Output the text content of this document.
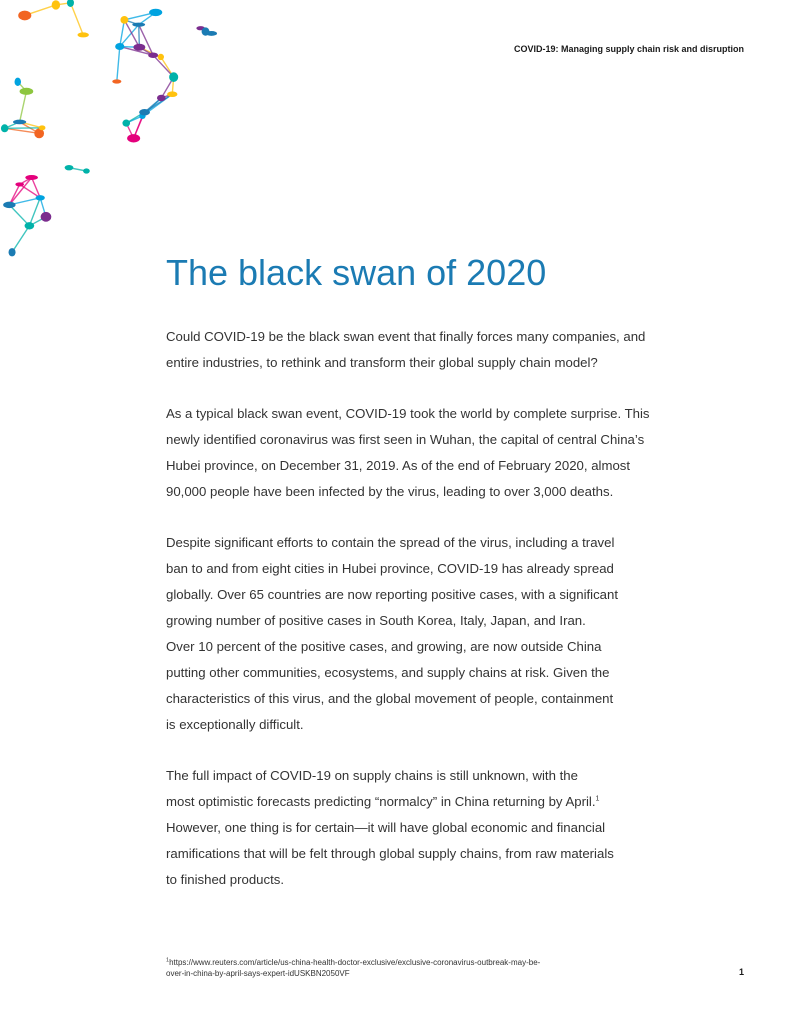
COVID-19: Managing supply chain risk and disruption
The black swan of 2020

Could COVID-19 be the black swan event that finally forces many companies, and
entire industries, to rethink and transform their global supply chain model?

As a typical black swan event, COVID-19 took the world by complete surprise. This
newly identified coronavirus was first seen in Wuhan, the capital of central China’s
Hubei province, on December 31, 2019. As of the end of February 2020, almost
90,000 people have been infected by the virus, leading to over 3,000 deaths.

Despite significant efforts to contain the spread of the virus, including a travel
ban to and from eight cities in Hubei province, COVID-19 has already spread
globally. Over 65 countries are now reporting positive cases, with a significant
growing number of positive cases in South Korea, Italy, Japan, and Iran.
Over 10 percent of the positive cases, and growing, are now outside China
putting other communities, ecosystems, and supply chains at risk. Given the
characteristics of this virus, and the global movement of people, containment
is exceptionally difficult.

The full impact of COVID-19 on supply chains is still unknown, with the
most optimistic forecasts predicting “normalcy” in China returning by April.$^1$
However, one thing is for certain—it will have global economic and financial
ramifications that will be felt through global supply chains, from raw materials
to finished products.

$^1$https://www.reuters.com/article/us-china-health-doctor-exclusive/exclusive-coronavirus-outbreak-may-be-
over-in-china-by-april-says-expert-idUSKBN2050VF	1
